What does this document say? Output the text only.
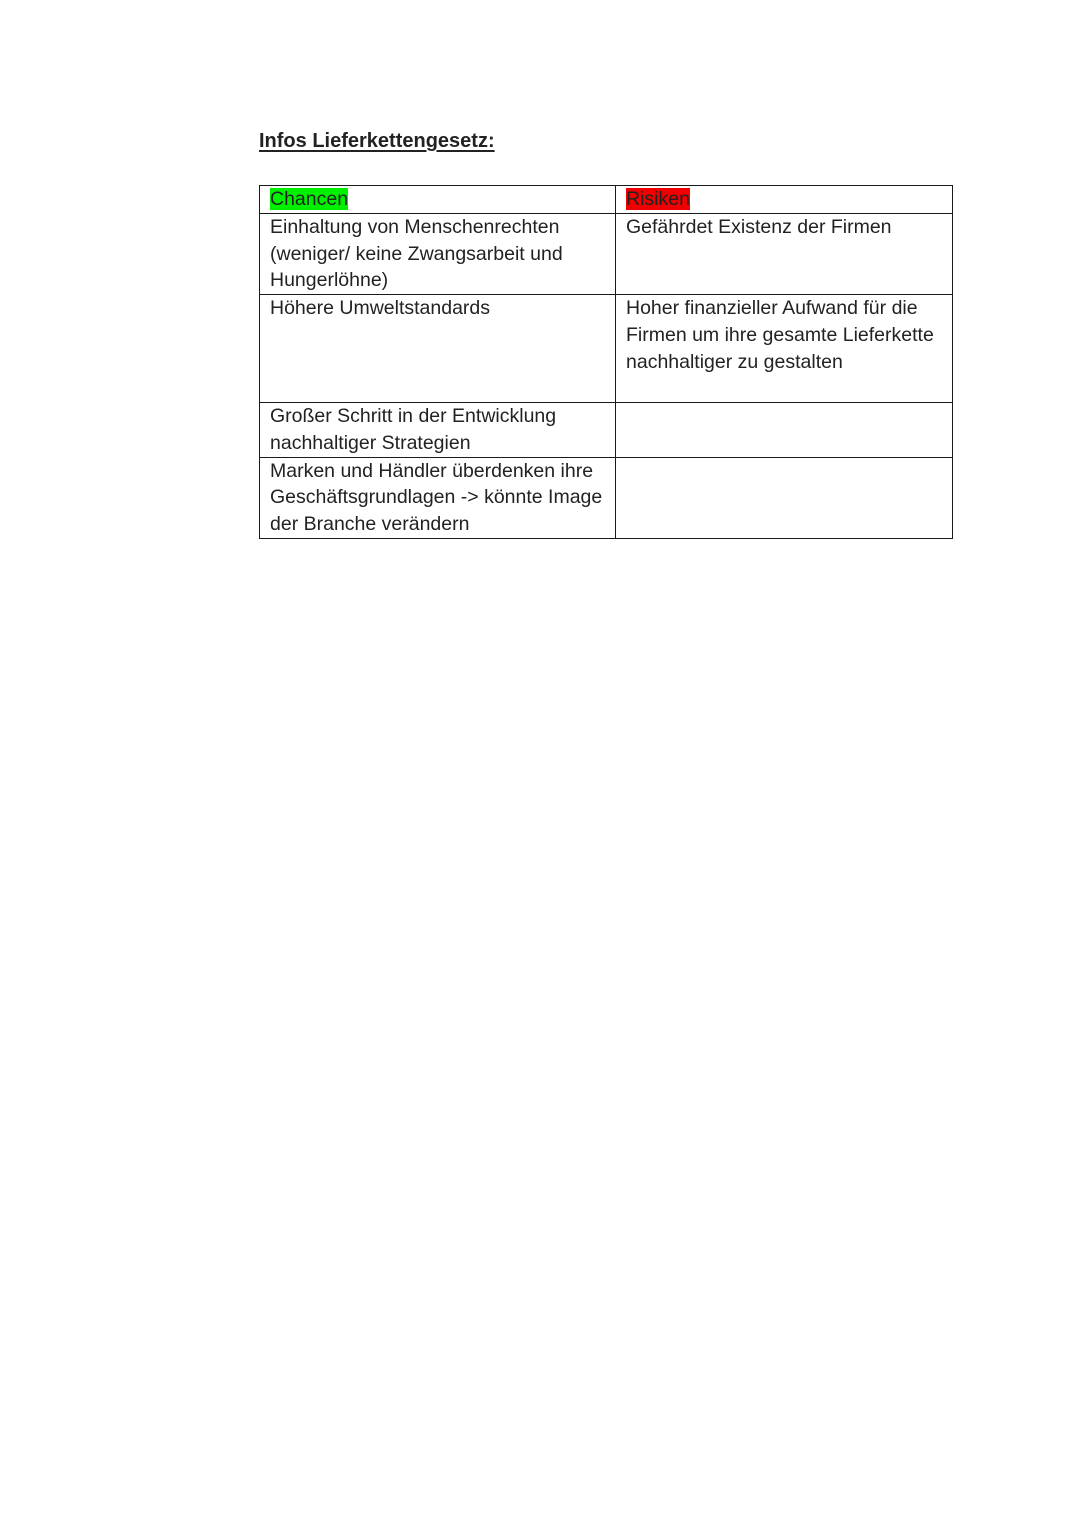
Infos Lieferkettengesetz:
Chancen	Risiken

Einhaltung von Menschenrechten (weniger/ keine Zwangsarbeit und Hungerlöhne)	Gefährdet Existenz der Firmen

Höhere Umweltstandards	Hoher finanzieller Aufwand für die Firmen um ihre gesamte Lieferkette nachhaltiger zu gestalten

Großer Schritt in der Entwicklung nachhaltiger Strategien	

Marken und Händler überdenken ihre Geschäftsgrundlagen -> könnte Image der Branche verändern	
